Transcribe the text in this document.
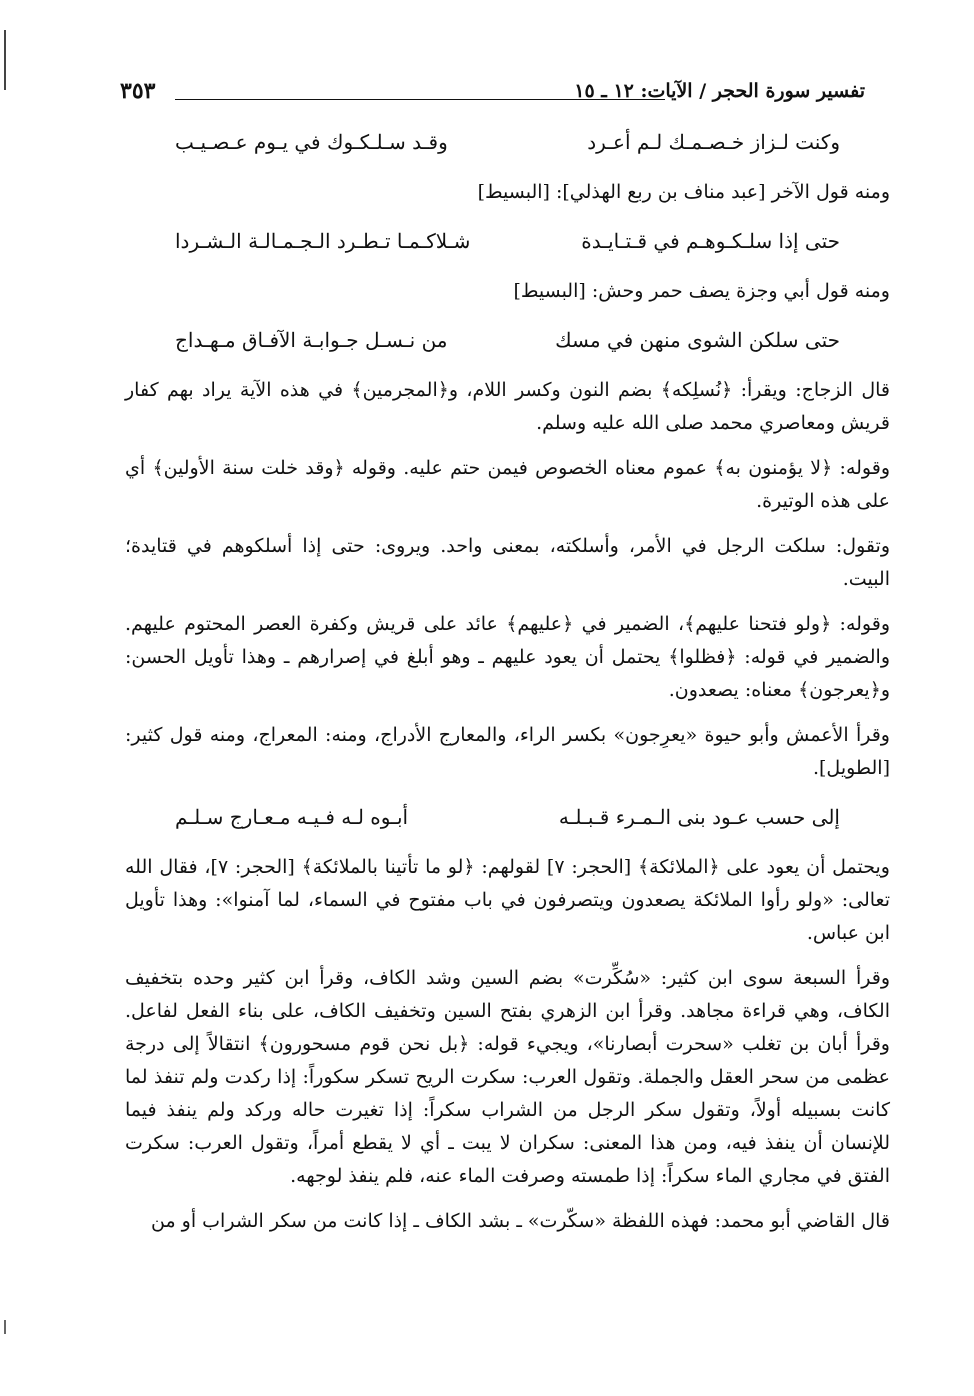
تفسير سورة الحجر / الآيات: ١٢ ـ ١٥
٣٥٣
وكنت لـزاز خـصـمـك لـم أعـرد
وقـد سـلـكـوك في يـوم عـصـيـب

ومنه قول الآخر [عبد مناف بن ربع الهذلي]: [البسيط]

حتى إذا سلـكـوهـم في قـتـايـدة
شـلاكـمـا تـطـرد الـجـمـالـة الـشـردا

ومنه قول أبي وجزة يصف حمر وحش: [البسيط]

حتى سلكن الشوى منهن في مسك
من نـسـل جـوابـة الآفـاق مـهـداج

قال الزجاج: ويقرأ: ﴿نُسلِكه﴾ بضم النون وكسر اللام، و﴿المجرمين﴾ في هذه الآية يراد بهم كفار قريش ومعاصري محمد صلى الله عليه وسلم.

وقوله: ﴿لا يؤمنون به﴾ عموم معناه الخصوص فيمن حتم عليه. وقوله ﴿وقد خلت سنة الأولين﴾ أي على هذه الوتيرة.

وتقول: سلكت الرجل في الأمر، وأسلكته، بمعنى واحد. ويروى: حتى إذا أسلكوهم في قتايدة؛ البيت.

وقوله: ﴿ولو فتحنا عليهم﴾، الضمير في ﴿عليهم﴾ عائد على قريش وكفرة العصر المحتوم عليهم. والضمير في قوله: ﴿فظلوا﴾ يحتمل أن يعود عليهم ـ وهو أبلغ في إصرارهم ـ وهذا تأويل الحسن: و﴿يعرجون﴾ معناه: يصعدون.

وقرأ الأعمش وأبو حيوة «يعرِجون» بكسر الراء، والمعارج الأدراج، ومنه: المعراج، ومنه قول كثير: [الطويل].

إلى حسب عـود بنى الـمـرء قـبـلـه
أبـوه لـه فـيـه مـعـارج سـلـم

ويحتمل أن يعود على ﴿الملائكة﴾ [الحجر: ٧] لقولهم: ﴿لو ما تأتينا بالملائكة﴾ [الحجر: ٧]، فقال الله تعالى: «ولو رأوا الملائكة يصعدون ويتصرفون في باب مفتوح في السماء، لما آمنوا»: وهذا تأويل ابن عباس.

وقرأ السبعة سوى ابن كثير: «سُكِّرت» بضم السين وشد الكاف، وقرأ ابن كثير وحده بتخفيف الكاف، وهي قراءة مجاهد. وقرأ ابن الزهري بفتح السين وتخفيف الكاف، على بناء الفعل لفاعل. وقرأ أبان بن تغلب «سحرت أبصارنا»، ويجيء قوله: ﴿بل نحن قوم مسحورون﴾ انتقالاً إلى درجة عظمى من سحر العقل والجملة. وتقول العرب: سكرت الريح تسكر سكوراً: إذا ركدت ولم تنفذ لما كانت بسبيله أولاً، وتقول سكر الرجل من الشراب سكراً: إذا تغيرت حاله وركد ولم ينفذ فيما للإنسان أن ينفذ فيه، ومن هذا المعنى: سكران لا يبت ـ أي لا يقطع أمراً، وتقول العرب: سكرت الفتق في مجاري الماء سكراً: إذا طمسته وصرفت الماء عنه، فلم ينفذ لوجهه.

قال القاضي أبو محمد: فهذه اللفظة «سكّرت» ـ بشد الكاف ـ إذا كانت من سكر الشراب أو من
